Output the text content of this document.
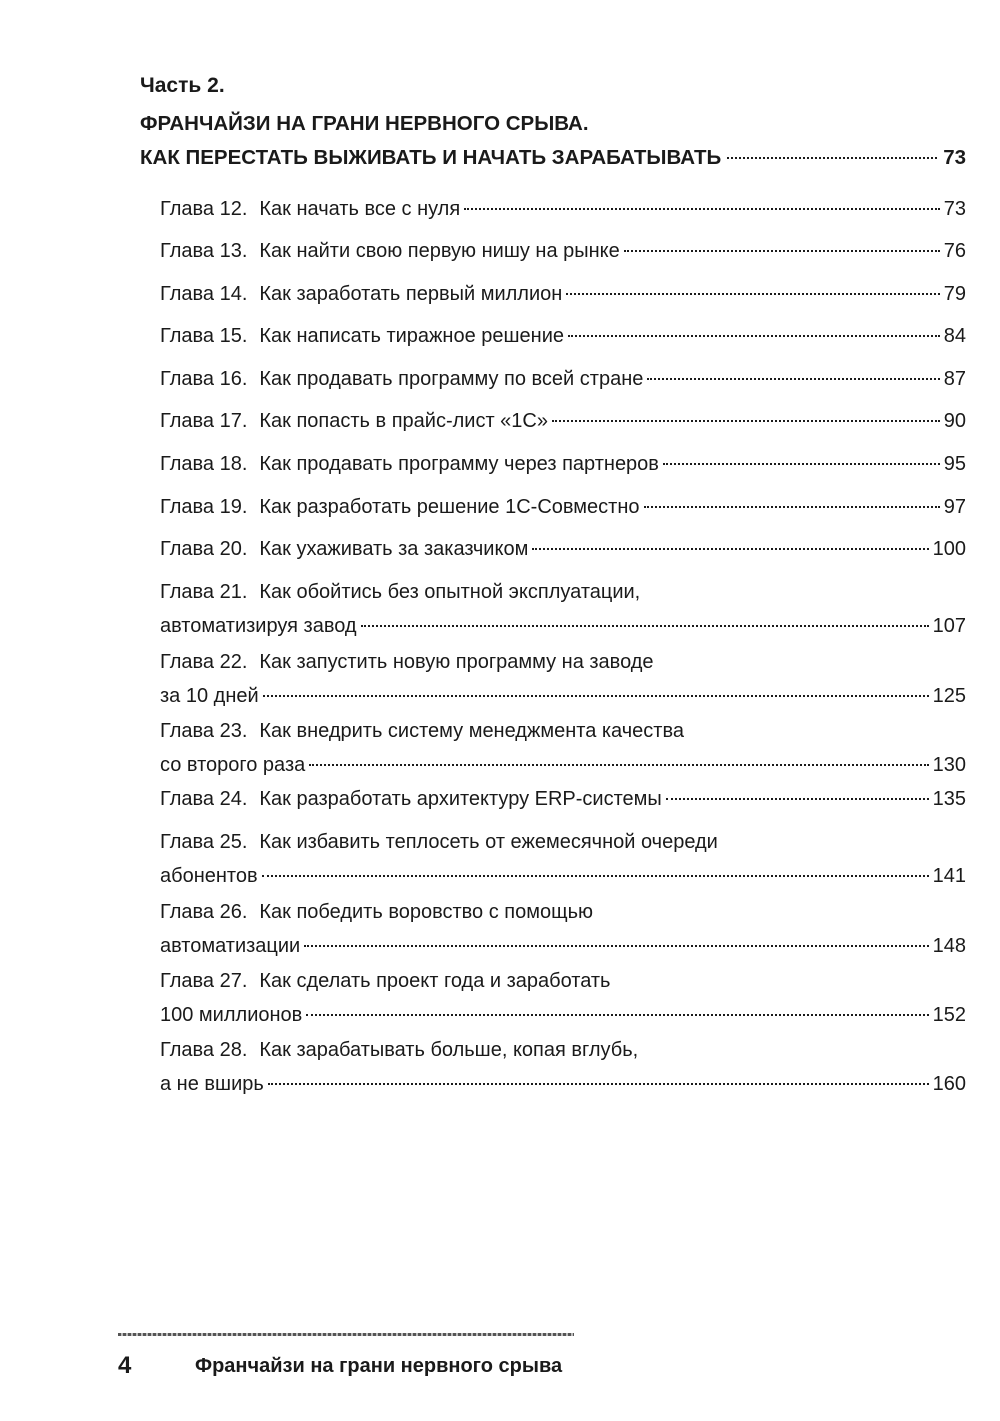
Часть 2.
ФРАНЧАЙЗИ НА ГРАНИ НЕРВНОГО СРЫВА.
КАК ПЕРЕСТАТЬ ВЫЖИВАТЬ И НАЧАТЬ ЗАРАБАТЫВАТЬ	73
Глава 12. Как начать все с нуля	73
Глава 13. Как найти свою первую нишу на рынке	76
Глава 14. Как заработать первый миллион	79
Глава 15. Как написать тиражное решение	84
Глава 16. Как продавать программу по всей стране	87
Глава 17. Как попасть в прайс-лист «1С»	90
Глава 18. Как продавать программу через партнеров	95
Глава 19. Как разработать решение 1С-Совместно	97
Глава 20. Как ухаживать за заказчиком	100
Глава 21. Как обойтись без опытной эксплуатации,
автоматизируя завод	107
Глава 22. Как запустить новую программу на заводе
за 10 дней	125
Глава 23. Как внедрить систему менеджмента качества
со второго раза	130
Глава 24. Как разработать архитектуру ERP-системы	135
Глава 25. Как избавить теплосеть от ежемесячной очереди
абонентов	141
Глава 26. Как победить воровство с помощью
автоматизации	148
Глава 27. Как сделать проект года и заработать
100 миллионов	152
Глава 28. Как зарабатывать больше, копая вглубь,
а не вширь	160
4	Франчайзи на грани нервного срыва
